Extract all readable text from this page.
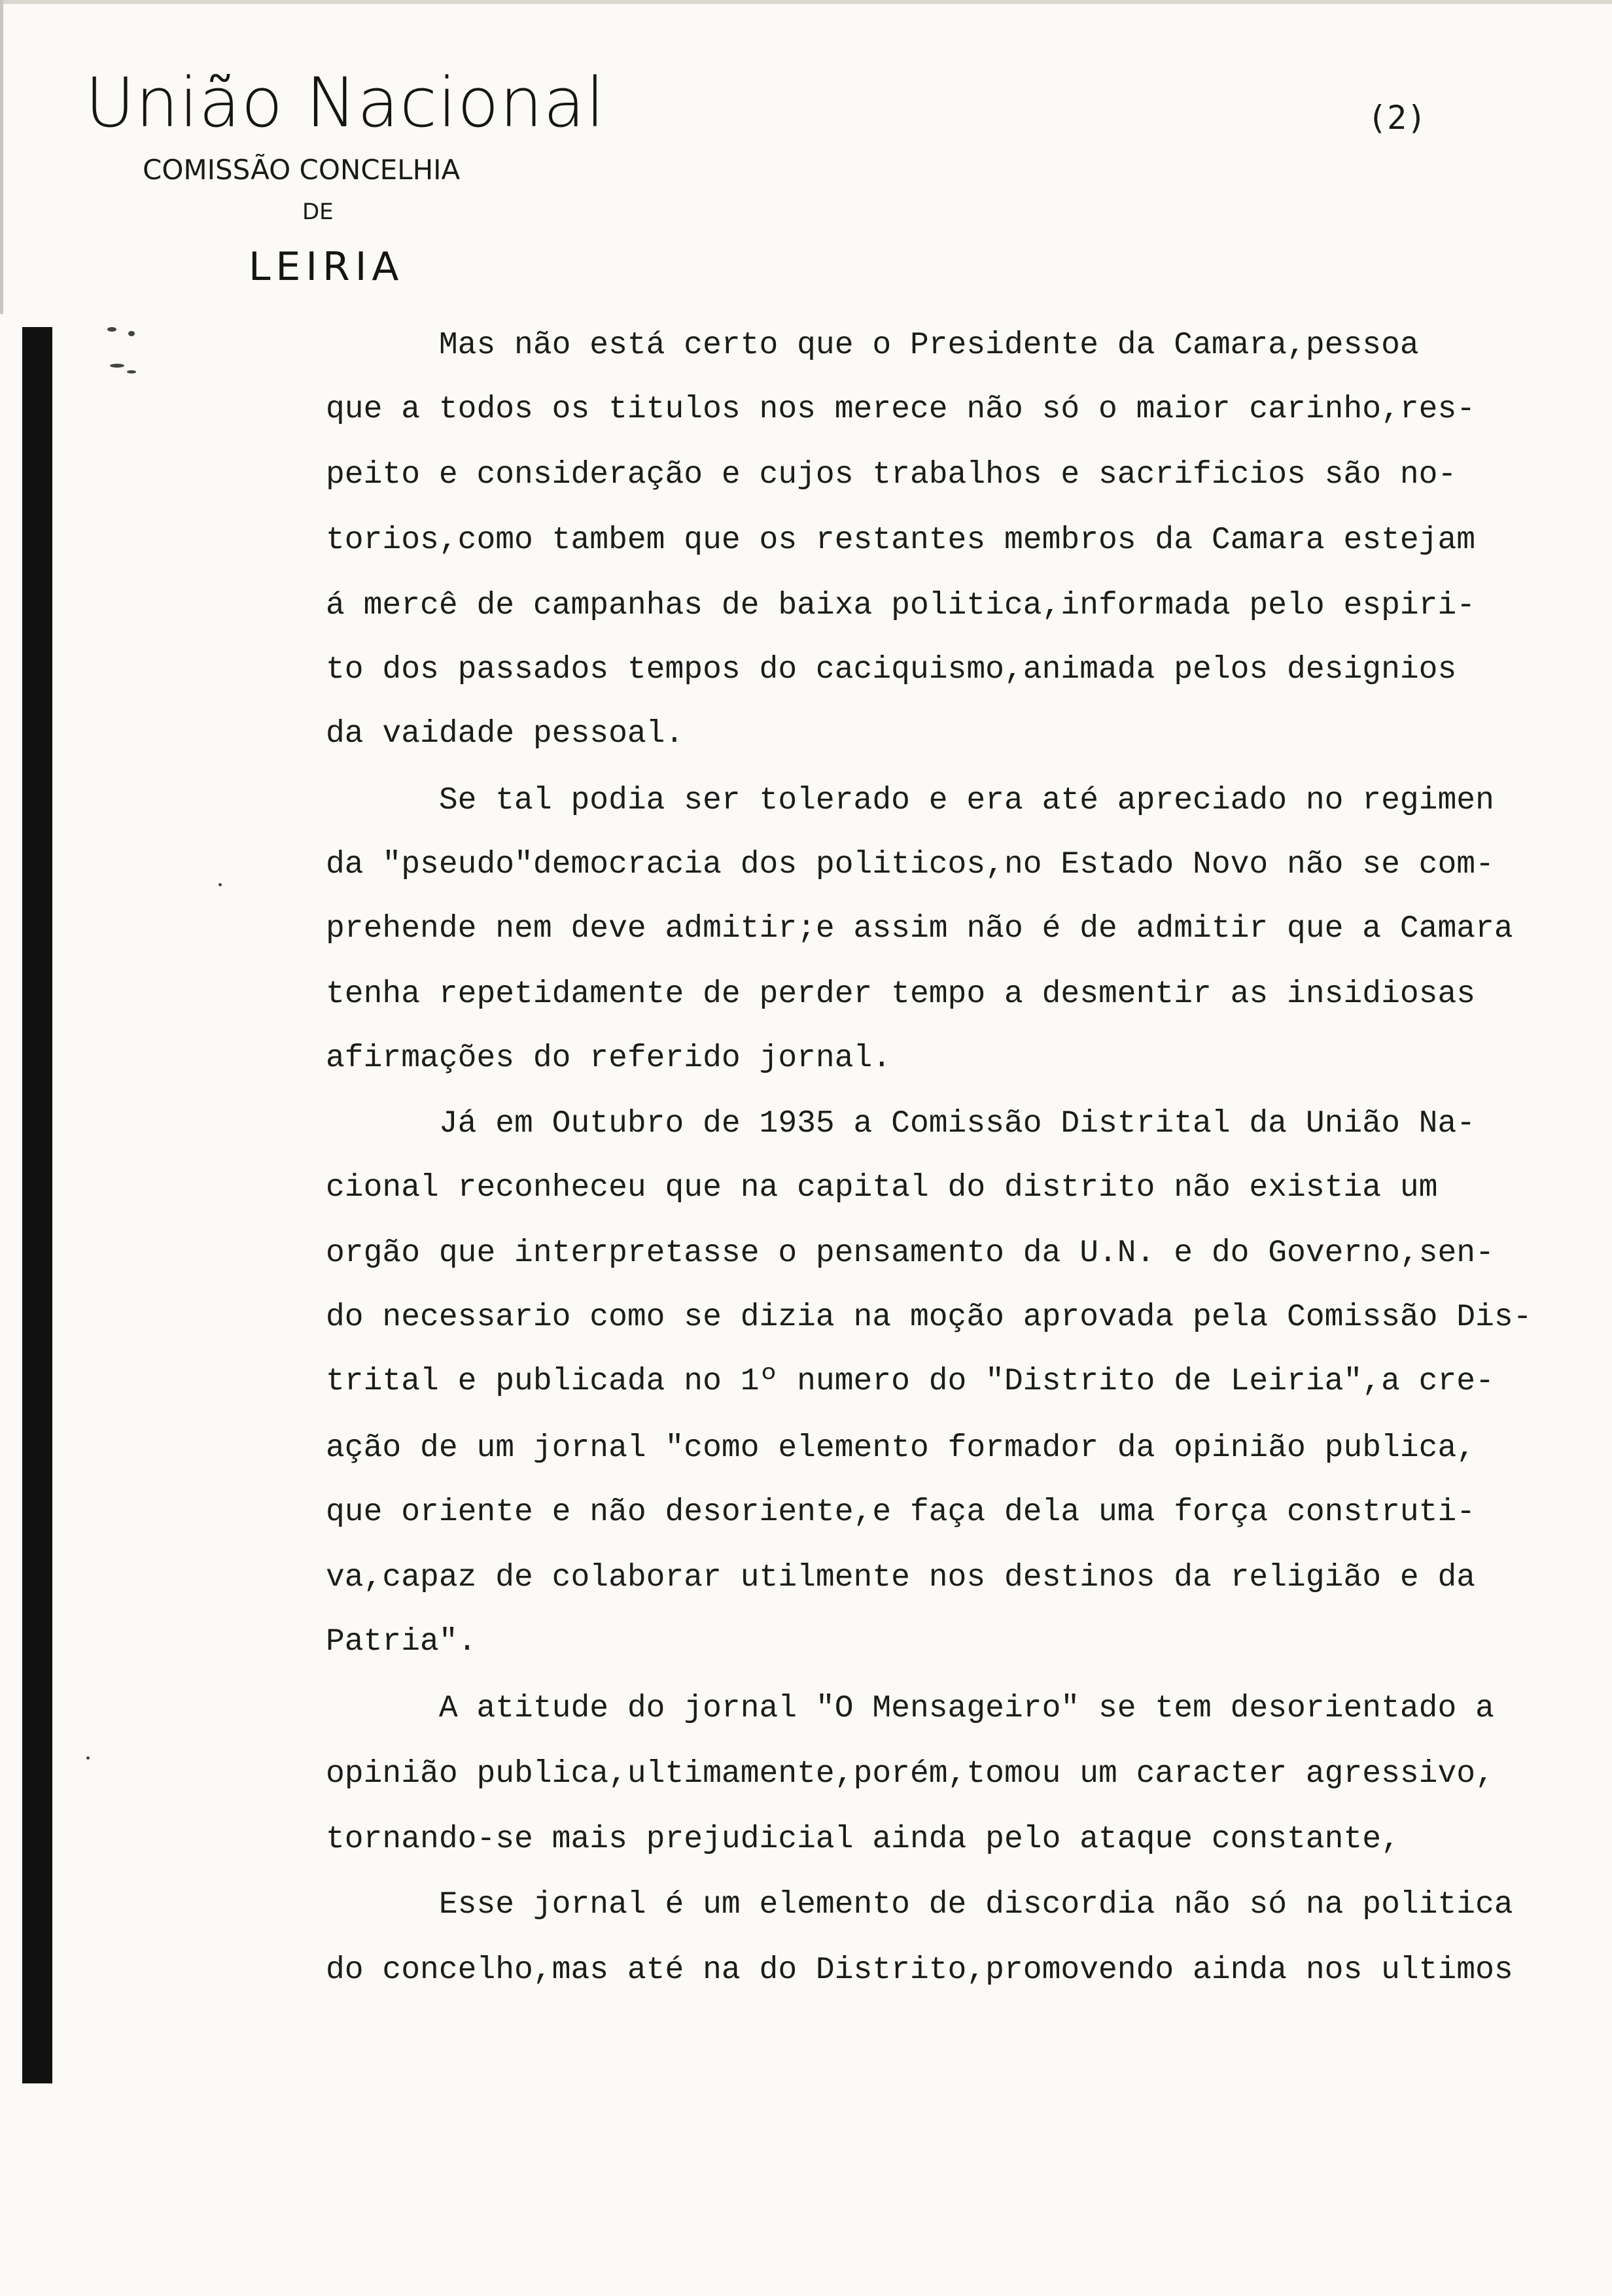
União Nacional
COMISSÃO CONCELHIA
DE
LEIRIA
(2)
Mas não está certo que o Presidente da Camara,pessoa
que a todos os titulos nos merece não só o maior carinho,res-
peito e consideração e cujos trabalhos e sacrificios são no-
torios,como tambem que os restantes membros da Camara estejam
á mercê de campanhas de baixa politica,informada pelo espiri-
to dos passados tempos do caciquismo,animada pelos designios
da vaidade pessoal.
Se tal podia ser tolerado e era até apreciado no regimen
da "pseudo"democracia dos politicos,no Estado Novo não se com-
prehende nem deve admitir;e assim não é de admitir que a Camara
tenha repetidamente de perder tempo a desmentir as insidiosas
afirmações do referido jornal.
Já em Outubro de 1935 a Comissão Distrital da União Na-
cional reconheceu que na capital do distrito não existia um
orgão que interpretasse o pensamento da U.N. e do Governo,sen-
do necessario como se dizia na moção aprovada pela Comissão Dis-
trital e publicada no 1º numero do "Distrito de Leiria",a cre-
ação de um jornal "como elemento formador da opinião publica,
que oriente e não desoriente,e faça dela uma força construti-
va,capaz de colaborar utilmente nos destinos da religião e da
Patria".
A atitude do jornal "O Mensageiro" se tem desorientado a
opinião publica,ultimamente,porém,tomou um caracter agressivo,
tornando-se mais prejudicial ainda pelo ataque constante,
Esse jornal é um elemento de discordia não só na politica
do concelho,mas até na do Distrito,promovendo ainda nos ultimos
